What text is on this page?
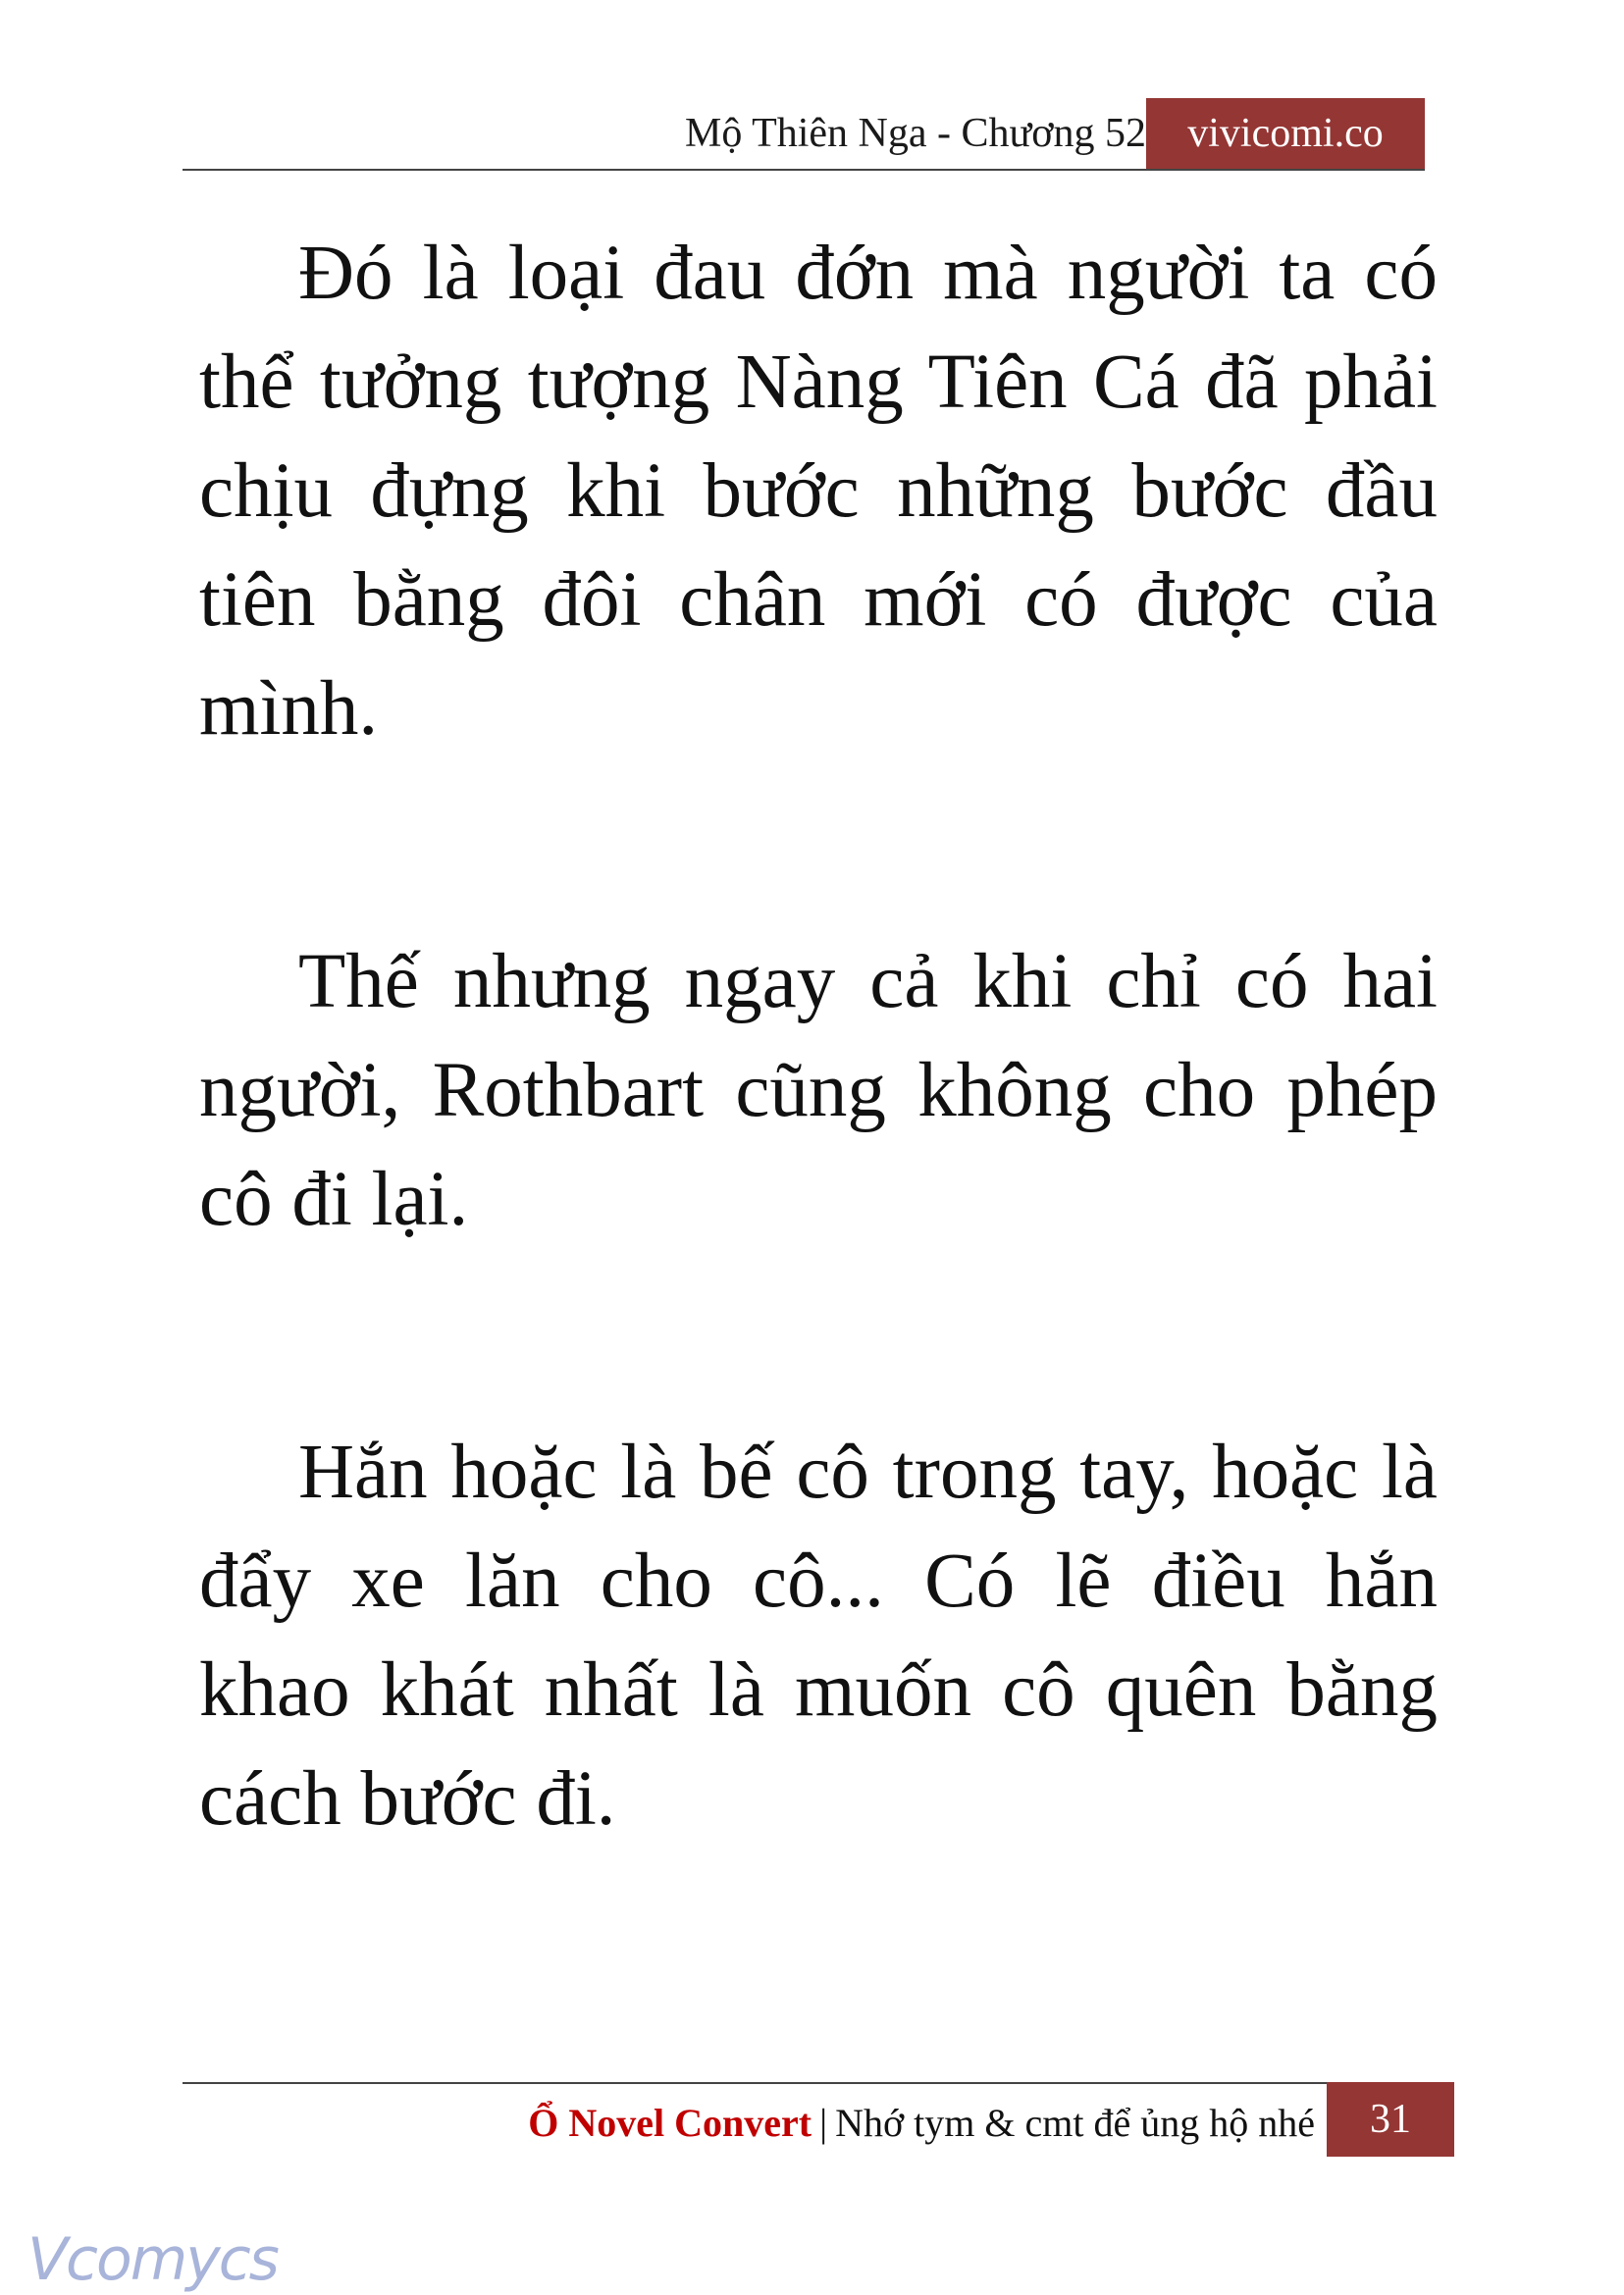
Mộ Thiên Nga - Chương 52	vivicomi.co

Đó là loại đau đớn mà người ta có thể tưởng tượng Nàng Tiên Cá đã phải chịu đựng khi bước những bước đầu tiên bằng đôi chân mới có được của mình.

Thế nhưng ngay cả khi chỉ có hai người, Rothbart cũng không cho phép cô đi lại.

Hắn hoặc là bế cô trong tay, hoặc là đẩy xe lăn cho cô... Có lẽ điều hắn khao khát nhất là muốn cô quên bằng cách bước đi.

Ổ Novel Convert | Nhớ tym & cmt để ủng hộ nhé	31
Vcomycs
